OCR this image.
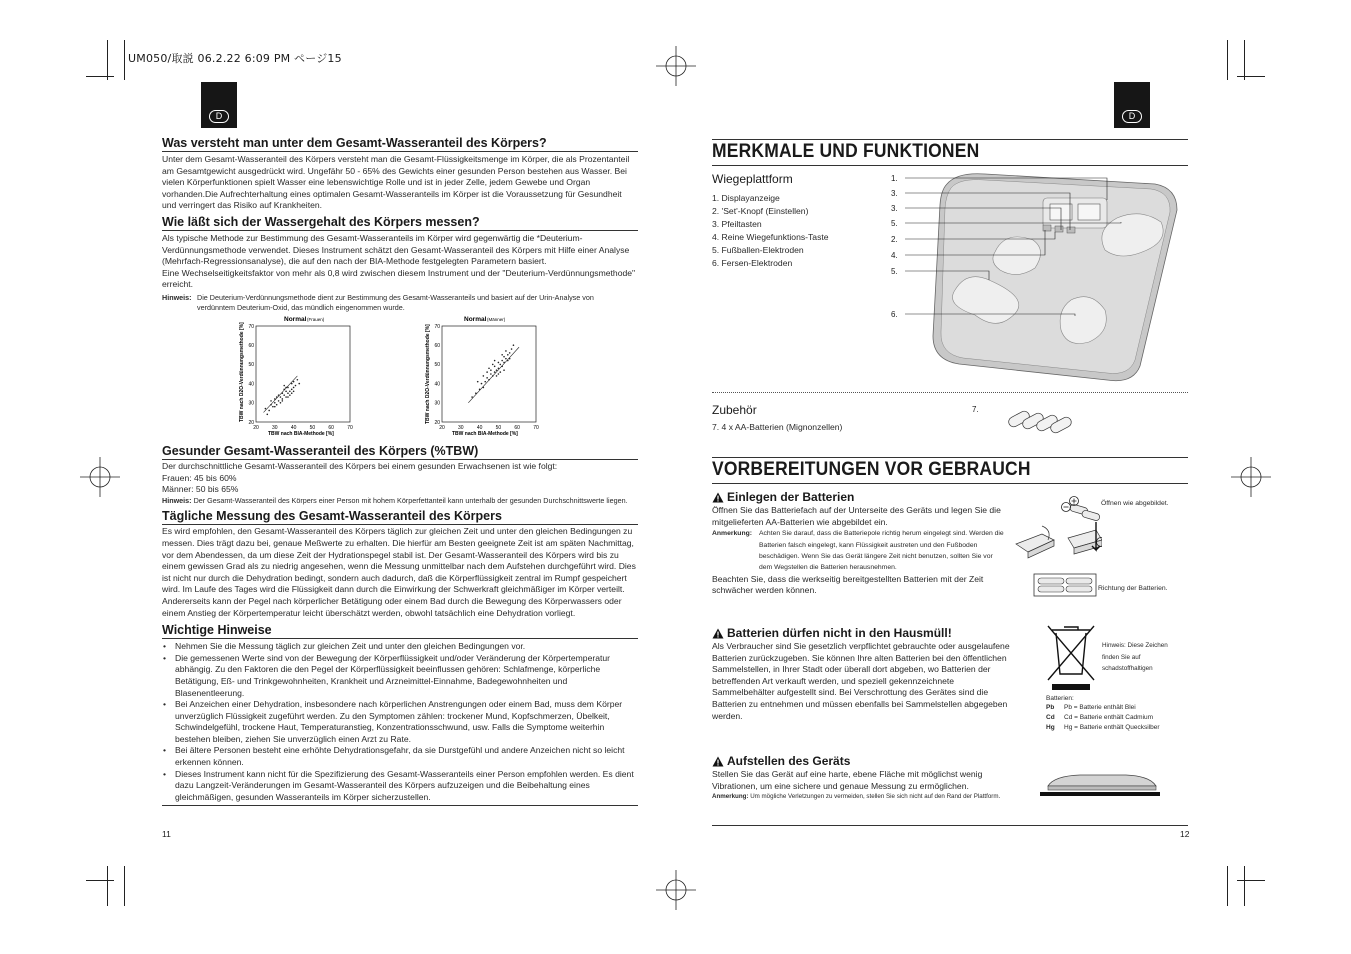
UM050/取説 06.2.22 6:09 PM ページ15
D	D
Was versteht man unter dem Gesamt-Wasseranteil des Körpers?
Unter dem Gesamt-Wasseranteil des Körpers versteht man die Gesamt-Flüssigkeitsmenge im Körper, die als Prozentanteil am Gesamtgewicht ausgedrückt wird. Ungefähr 50 - 65% des Gewichts einer gesunden Person bestehen aus Wasser. Bei vielen Körperfunktionen spielt Wasser eine lebenswichtige Rolle und ist in jeder Zelle, jedem Gewebe und Organ vorhanden.Die Aufrechterhaltung eines optimalen Gesamt-Wasseranteils im Körper ist die Voraussetzung für Gesundheit und verringert das Risiko auf Krankheiten.
Wie läßt sich der Wassergehalt des Körpers messen?
Als typische Methode zur Bestimmung des Gesamt-Wasseranteils im Körper wird gegenwärtig die *Deuterium-Verdünnungsmethode verwendet. Dieses Instrument schätzt den Gesamt-Wasseranteil des Körpers mit Hilfe einer Analyse (Mehrfach-Regressionsanalyse), die auf den nach der BIA-Methode festgelegten Parametern basiert.
Eine Wechselseitigkeitsfaktor von mehr als 0,8 wird zwischen diesem Instrument und der "Deuterium-Verdünnungsmethode" erreicht.
Hinweis: Die Deuterium-Verdünnungsmethode dient zur Bestimmung des Gesamt-Wasseranteils und basiert auf der Urin-Analyse von verdünntem Deuterium-Oxid, das mündlich eingenommen wurde.
Normal (Frauen)
TBW nach D2O-Verdünnungsmethode [%]
TBW nach BIA-Methode [%]
20	30	40	50	60	70
20
30
40
50
60
70
Normal (Männer)
TBW nach D2O-Verdünnungsmethode [%]
TBW nach BIA-Methode [%]
20	30	40	50	60	70
20
30
40
50
60
70
Gesunder Gesamt-Wasseranteil des Körpers (%TBW)
Der durchschnittliche Gesamt-Wasseranteil des Körpers bei einem gesunden Erwachsenen ist wie folgt:
Frauen: 45 bis 60%
Männer: 50 bis 65%
Hinweis: Der Gesamt-Wasseranteil des Körpers einer Person mit hohem Körperfettanteil kann unterhalb der gesunden Durchschnittswerte liegen.
Tägliche Messung des Gesamt-Wasseranteil des Körpers
Es wird empfohlen, den Gesamt-Wasseranteil des Körpers täglich zur gleichen Zeit und unter den gleichen Bedingungen zu messen. Dies trägt dazu bei, genaue Meßwerte zu erhalten. Die hierfür am Besten geeignete Zeit ist am späten Nachmittag, vor dem Abendessen, da um diese Zeit der Hydrationspegel stabil ist. Der Gesamt-Wasseranteil des Körpers wird bis zu einem gewissen Grad als zu niedrig angesehen, wenn die Messung unmittelbar nach dem Aufstehen durchgeführt wird. Dies ist nicht nur durch die Dehydration bedingt, sondern auch dadurch, daß die Körperflüssigkeit zentral im Rumpf gespeichert wird. Im Laufe des Tages wird die Flüssigkeit dann durch die Einwirkung der Schwerkraft gleichmäßiger im Körper verteilt.
Andererseits kann der Pegel nach körperlicher Betätigung oder einem Bad durch die Bewegung des Körperwassers oder einem Anstieg der Körpertemperatur leicht überschätzt werden, obwohl tatsächlich eine Dehydration vorliegt.
Wichtige Hinweise
• Nehmen Sie die Messung täglich zur gleichen Zeit und unter den gleichen Bedingungen vor.
• Die gemessenen Werte sind von der Bewegung der Körperflüssigkeit und/oder Veränderung der Körpertemperatur abhängig. Zu den Faktoren die den Pegel der Körperflüssigkeit beeinflussen gehören: Schlafmenge, körperliche Betätigung, Eß- und Trinkgewohnheiten, Krankheit und Arzneimittel-Einnahme, Badegewohnheiten und Blasenentleerung.
• Bei Anzeichen einer Dehydration, insbesondere nach körperlichen Anstrengungen oder einem Bad, muss dem Körper unverzüglich Flüssigkeit zugeführt werden. Zu den Symptomen zählen: trockener Mund, Kopfschmerzen, Übelkeit, Schwindelgefühl, trockene Haut, Temperaturanstieg, Konzentrationsschwund, usw. Falls die Symptome weiterhin bestehen bleiben, ziehen Sie unverzüglich einen Arzt zu Rate.
• Bei ältere Personen besteht eine erhöhte Dehydrationsgefahr, da sie Durstgefühl und andere Anzeichen nicht so leicht erkennen können.
• Dieses Instrument kann nicht für die Spezifizierung des Gesamt-Wasseranteils einer Person empfohlen werden. Es dient dazu Langzeit-Veränderungen im Gesamt-Wasseranteil des Körpers aufzuzeigen und die Beibehaltung eines gleichmäßigen, gesunden Wasseranteils im Körper sicherzustellen.
11
MERKMALE UND FUNKTIONEN
Wiegeplattform
1. Displayanzeige
2. 'Set'-Knopf (Einstellen)
3. Pfeiltasten
4. Reine Wiegefunktions-Taste
5. Fußballen-Elektroden
6. Fersen-Elektroden
1.
3.
3.
5.
2.
4.
5.
6.
Zubehör
7. 4 x AA-Batterien (Mignonzellen)
7.
VORBEREITUNGEN VOR GEBRAUCH
Einlegen der Batterien
Öffnen Sie das Batteriefach auf der Unterseite des Geräts und legen Sie die mitgelieferten AA-Batterien wie abgebildet ein.
Anmerkung:	Achten Sie darauf, dass die Batteriepole richtig herum eingelegt sind. Werden die Batterien falsch eingelegt, kann Flüssigkeit austreten und den Fußboden beschädigen. Wenn Sie das Gerät längere Zeit nicht benutzen, sollten Sie vor dem Wegstellen die Batterien herausnehmen.
Beachten Sie, dass die werkseitig bereitgestellten Batterien mit der Zeit schwächer werden können.
Öffnen wie abgebildet.
Richtung der Batterien.
Batterien dürfen nicht in den Hausmüll!
Als Verbraucher sind Sie gesetzlich verpflichtet gebrauchte oder ausgelaufene Batterien zurückzugeben. Sie können Ihre alten Batterien bei den öffentlichen Sammelstellen, in Ihrer Stadt oder überall dort abgeben, wo Batterien der betreffenden Art verkauft werden, und speziell gekennzeichnete Sammelbehälter aufgestellt sind. Bei Verschrottung des Gerätes sind die Batterien zu entnehmen und müssen ebenfalls bei Sammelstellen abgegeben werden.
Hinweis: Diese Zeichen finden Sie auf schadstoffhaltigen
Batterien:
Pb Pb = Batterie enthält Blei
Cd Cd = Batterie enthält Cadmium
Hg Hg = Batterie enthält Quecksilber
Aufstellen des Geräts
Stellen Sie das Gerät auf eine harte, ebene Fläche mit möglichst wenig Vibrationen, um eine sichere und genaue Messung zu ermöglichen.
Anmerkung: Um mögliche Verletzungen zu vermeiden, stellen Sie sich nicht auf den Rand der Plattform.
12
